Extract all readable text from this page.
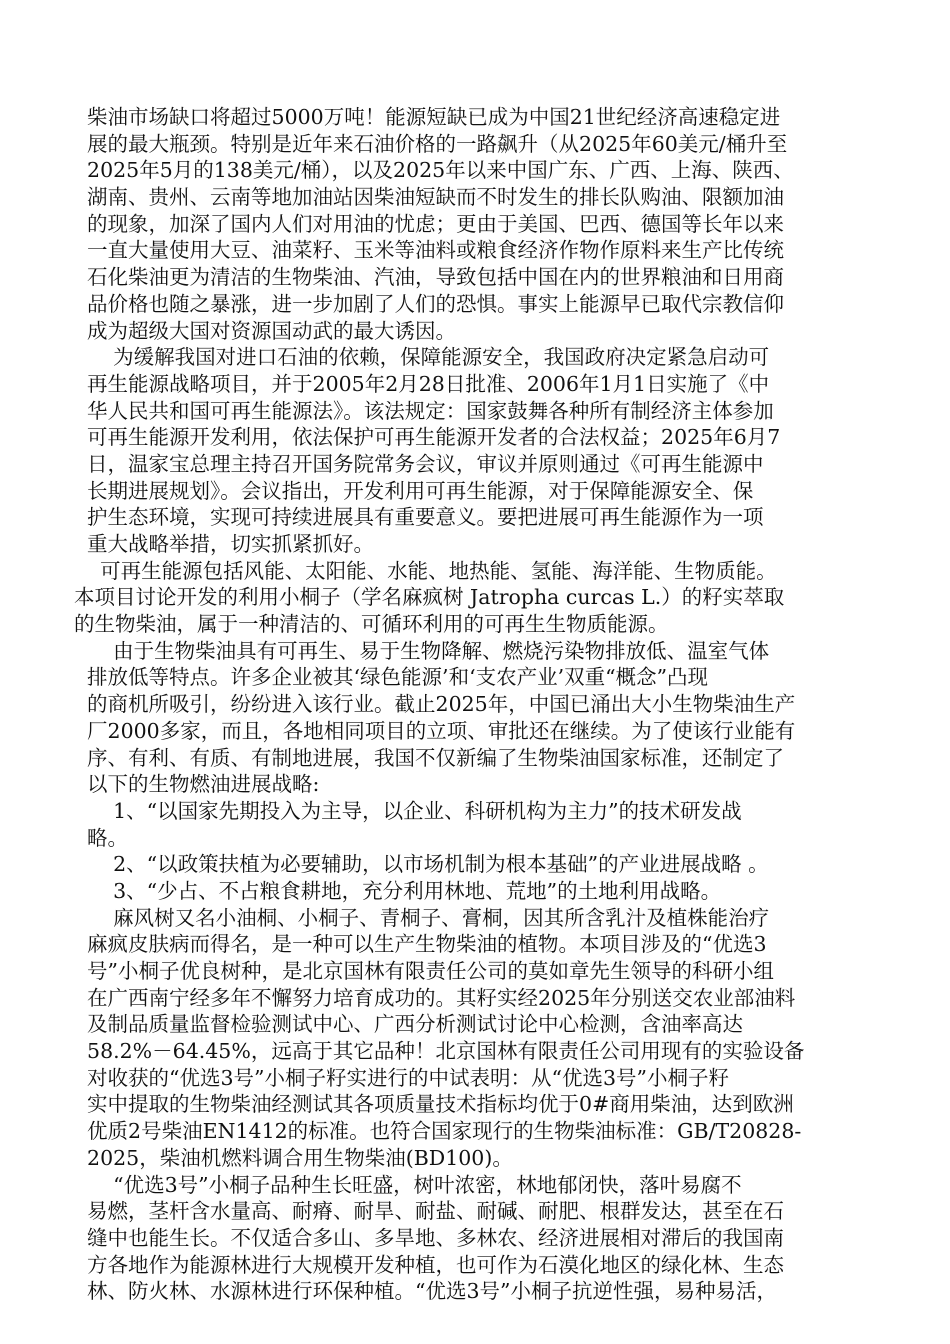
柴油市场缺口将超过5000万吨！能源短缺已成为中国21世纪经济高速稳定进
展的最大瓶颈。特别是近年来石油价格的一路飙升（从2025年60美元/桶升至
2025年5月的138美元/桶），以及2025年以来中国广东、广西、上海、陕西、
湖南、贵州、云南等地加油站因柴油短缺而不时发生的排长队购油、限额加油
的现象，加深了国内人们对用油的忧虑；更由于美国、巴西、德国等长年以来
一直大量使用大豆、油菜籽、玉米等油料或粮食经济作物作原料来生产比传统
石化柴油更为清洁的生物柴油、汽油，导致包括中国在内的世界粮油和日用商
品价格也随之暴涨，进一步加剧了人们的恐惧。事实上能源早已取代宗教信仰
成为超级大国对资源国动武的最大诱因。
为缓解我国对进口石油的依赖，保障能源安全，我国政府决定紧急启动可
再生能源战略项目，并于2005年2月28日批准、2006年1月1日实施了《中
华人民共和国可再生能源法》。该法规定：国家鼓舞各种所有制经济主体参加
可再生能源开发利用，依法保护可再生能源开发者的合法权益；2025年6月7
日，温家宝总理主持召开国务院常务会议，审议并原则通过《可再生能源中
长期进展规划》。会议指出，开发利用可再生能源，对于保障能源安全、保
护生态环境，实现可持续进展具有重要意义。要把进展可再生能源作为一项
重大战略举措，切实抓紧抓好。
可再生能源包括风能、太阳能、水能、地热能、氢能、海洋能、生物质能。
本项目讨论开发的利用小桐子（学名麻疯树 Jatropha curcas L.）的籽实萃取
的生物柴油，属于一种清洁的、可循环利用的可再生生物质能源。
由于生物柴油具有可再生、易于生物降解、燃烧污染物排放低、温室气体
排放低等特点。许多企业被其‘绿色能源’和‘支农产业’双重“概念”凸现
的商机所吸引，纷纷进入该行业。截止2025年，中国已涌出大小生物柴油生产
厂2000多家，而且，各地相同项目的立项、审批还在继续。为了使该行业能有
序、有利、有质、有制地进展，我国不仅新编了生物柴油国家标准，还制定了
以下的生物燃油进展战略:
1、“以国家先期投入为主导，以企业、科研机构为主力”的技术研发战
略。
2、“以政策扶植为必要辅助，以市场机制为根本基础”的产业进展战略 。
3、“少占、不占粮食耕地，充分利用林地、荒地”的土地利用战略。
麻风树又名小油桐、小桐子、青桐子、膏桐，因其所含乳汁及植株能治疗
麻疯皮肤病而得名，是一种可以生产生物柴油的植物。本项目涉及的“优选3
号”小桐子优良树种，是北京国林有限责任公司的莫如章先生领导的科研小组
在广西南宁经多年不懈努力培育成功的。其籽实经2025年分别送交农业部油料
及制品质量监督检验测试中心、广西分析测试讨论中心检测，含油率高达
58.2%－64.45%，远高于其它品种！北京国林有限责任公司用现有的实验设备
对收获的“优选3号”小桐子籽实进行的中试表明：从“优选3号”小桐子籽
实中提取的生物柴油经测试其各项质量技术指标均优于0#商用柴油，达到欧洲
优质2号柴油EN1412的标准。也符合国家现行的生物柴油标准：GB/T20828-
2025，柴油机燃料调合用生物柴油(BD100)。
“优选3号”小桐子品种生长旺盛，树叶浓密，林地郁闭快，落叶易腐不
易燃，茎杆含水量高、耐瘠、耐旱、耐盐、耐碱、耐肥、根群发达，甚至在石
缝中也能生长。不仅适合多山、多旱地、多林农、经济进展相对滞后的我国南
方各地作为能源林进行大规模开发种植，也可作为石漠化地区的绿化林、生态
林、防火林、水源林进行环保种植。“优选3号”小桐子抗逆性强，易种易活，
